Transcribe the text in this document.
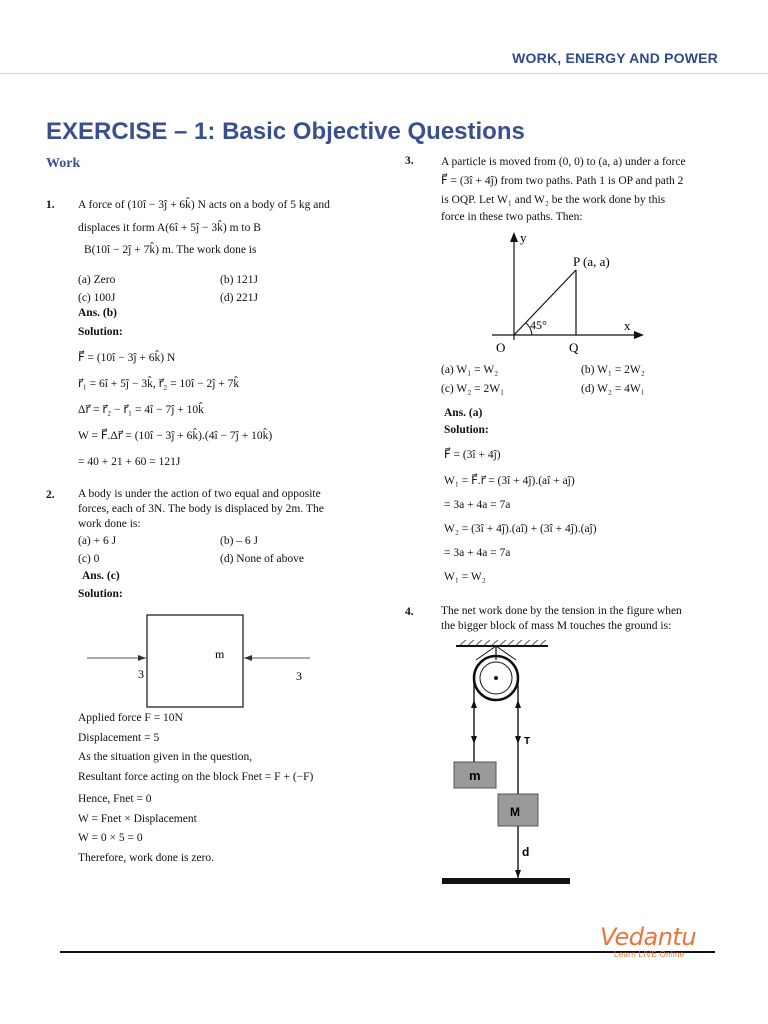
WORK, ENERGY AND POWER
EXERCISE – 1: Basic Objective Questions
Work
1. A force of (10î − 3ĵ + 6k̂) N acts on a body of 5 kg and
displaces it form A(6î + 5ĵ − 3k̂) m to B
B(10î − 2ĵ + 7k̂) m. The work done is
(a) Zero	(b) 121J
(c) 100J	(d) 221J
Ans. (b)
Solution:
F⃗ = (10î − 3ĵ + 6k̂) N
r⃗₁ = 6î + 5ĵ − 3k̂, r⃗₂ = 10î − 2ĵ + 7k̂
Δr⃗ = r⃗₂ − r⃗₁ = 4î − 7ĵ + 10k̂
W = F⃗.Δr⃗ = (10î − 3ĵ + 6k̂).(4î − 7ĵ + 10k̂)
= 40 + 21 + 60 = 121J
2. A body is under the action of two equal and opposite
forces, each of 3N. The body is displaced by 2m. The
work done is:
(a) + 6 J	(b) – 6 J
(c) 0	(d) None of above
Ans. (c)
Solution:
m
3	3
Applied force F = 10N
Displacement = 5
As the situation given in the question,
Resultant force acting on the block Fnet = F + (−F)
Hence, Fnet = 0
W = Fnet × Displacement
W = 0 × 5 = 0
Therefore, work done is zero.
3. A particle is moved from (0, 0) to (a, a) under a force
F⃗ = (3î + 4ĵ) from two paths. Path 1 is OP and path 2
is OQP. Let W₁ and W₂ be the work done by this
force in these two paths. Then:
y
x
O	Q
P (a, a)
45°
(a) W₁ = W₂	(b) W₁ = 2W₂
(c) W₂ = 2W₁	(d) W₂ = 4W₁
Ans. (a)
Solution:
F⃗ = (3î + 4ĵ)
W₁ = F⃗.r⃗ = (3î + 4ĵ).(aî + aĵ)
= 3a + 4a = 7a
W₂ = (3î + 4ĵ).(aî) + (3î + 4ĵ).(aĵ)
= 3a + 4a = 7a
W₁ = W₂
4. The net work done by the tension in the figure when
the bigger block of mass M touches the ground is:
m
M
T
d
Vedantu
Learn LIVE Online
